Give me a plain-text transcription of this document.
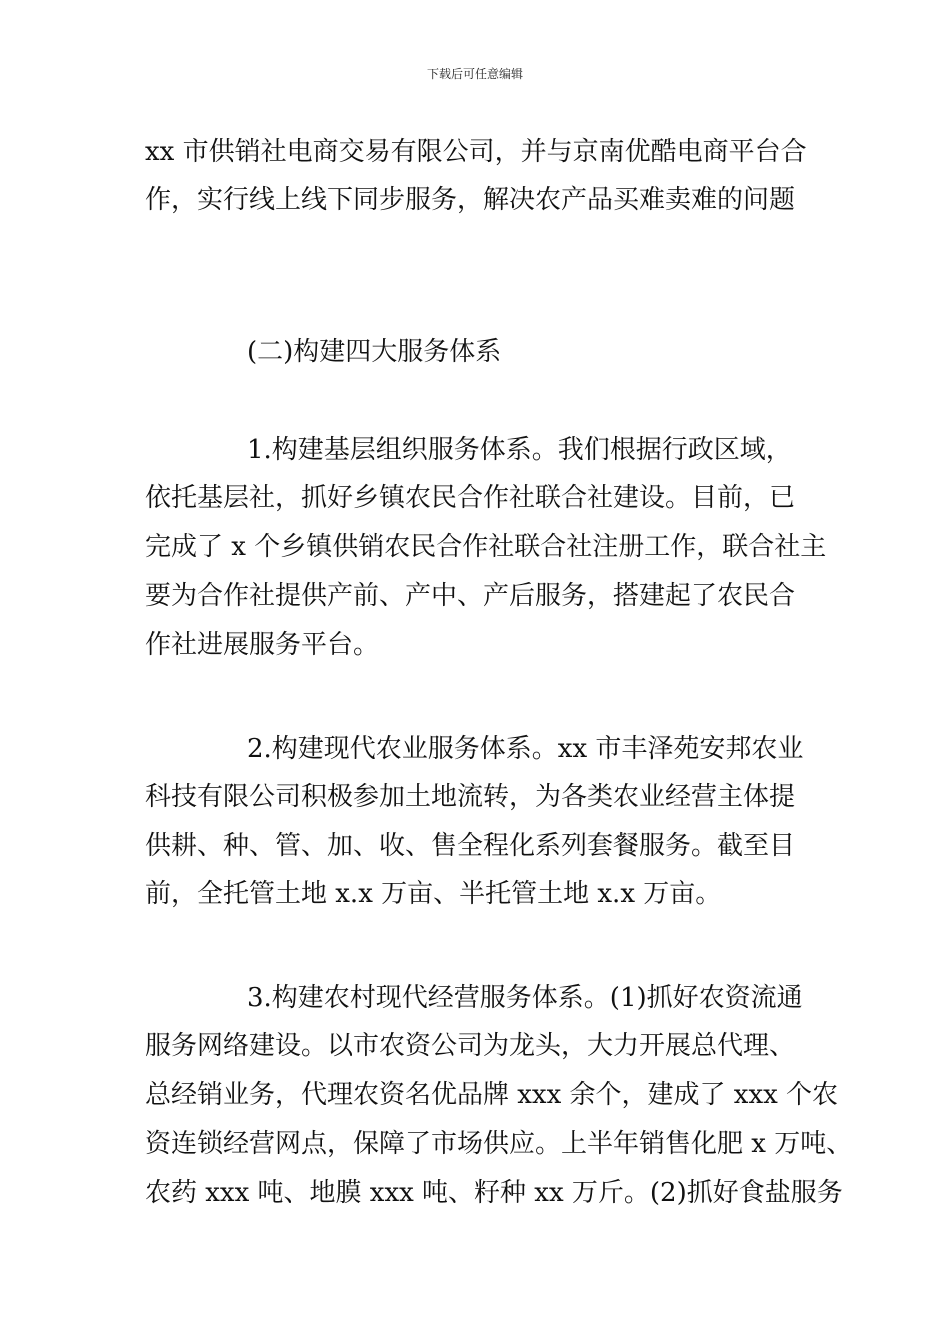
下载后可任意编辑
xx 市供销社电商交易有限公司，并与京南优酷电商平台合
作，实行线上线下同步服务，解决农产品买难卖难的问题
(二)构建四大服务体系
1.构建基层组织服务体系。我们根据行政区域，
依托基层社，抓好乡镇农民合作社联合社建设。目前，已
完成了 x 个乡镇供销农民合作社联合社注册工作，联合社主
要为合作社提供产前、产中、产后服务，搭建起了农民合
作社进展服务平台。
2.构建现代农业服务体系。xx 市丰泽苑安邦农业
科技有限公司积极参加土地流转，为各类农业经营主体提
供耕、种、管、加、收、售全程化系列套餐服务。截至目
前，全托管土地 x.x 万亩、半托管土地 x.x 万亩。
3.构建农村现代经营服务体系。(1)抓好农资流通
服务网络建设。以市农资公司为龙头，大力开展总代理、
总经销业务，代理农资名优品牌 xxx 余个，建成了 xxx 个农
资连锁经营网点，保障了市场供应。上半年销售化肥 x 万吨、
农药 xxx 吨、地膜 xxx 吨、籽种 xx 万斤。(2)抓好食盐服务
